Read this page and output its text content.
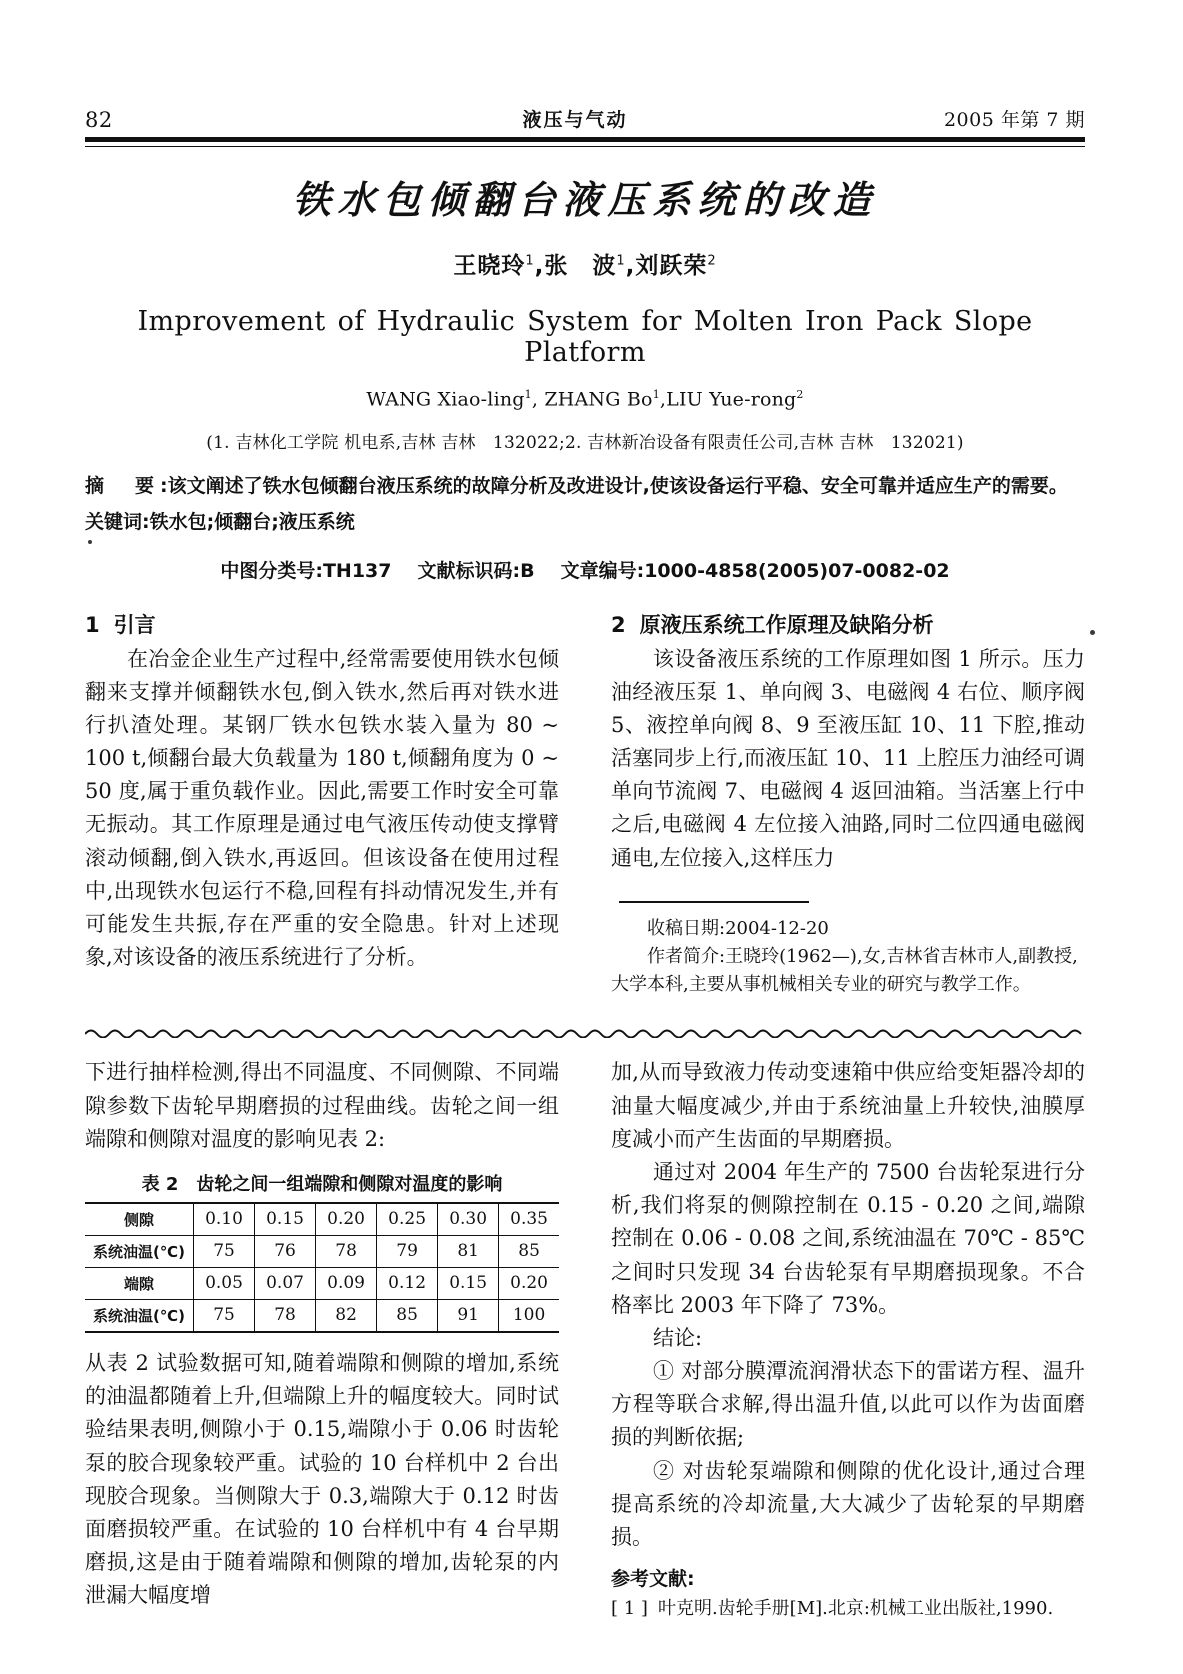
82	液压与气动	2005 年第 7 期
铁水包倾翻台液压系统的改造
王晓玲$^1$,张　波$^1$,刘跃荣$^2$
Improvement of Hydraulic System for Molten Iron Pack Slope Platform
WANG Xiao-ling$^1$, ZHANG Bo$^1$,LIU Yue-rong$^2$
(1. 吉林化工学院 机电系,吉林 吉林　132022;2. 吉林新冶设备有限责任公司,吉林 吉林　132021)
摘　要:该文阐述了铁水包倾翻台液压系统的故障分析及改进设计,使该设备运行平稳、安全可靠并适应生产的需要。
关键词:铁水包;倾翻台;液压系统
中图分类号:TH137 文献标识码:B 文章编号:1000-4858(2005)07-0082-02
1 引言

在冶金企业生产过程中,经常需要使用铁水包倾翻来支撑并倾翻铁水包,倒入铁水,然后再对铁水进行扒渣处理。某钢厂铁水包铁水装入量为 80 ~ 100 t,倾翻台最大负载量为 180 t,倾翻角度为 0 ~ 50 度,属于重负载作业。因此,需要工作时安全可靠无振动。其工作原理是通过电气液压传动使支撑臂滚动倾翻,倒入铁水,再返回。但该设备在使用过程中,出现铁水包运行不稳,回程有抖动情况发生,并有可能发生共振,存在严重的安全隐患。针对上述现象,对该设备的液压系统进行了分析。

2 原液压系统工作原理及缺陷分析

该设备液压系统的工作原理如图 1 所示。压力油经液压泵 1、单向阀 3、电磁阀 4 右位、顺序阀 5、液控单向阀 8、9 至液压缸 10、11 下腔,推动活塞同步上行,而液压缸 10、11 上腔压力油经可调单向节流阀 7、电磁阀 4 返回油箱。当活塞上行中之后,电磁阀 4 左位接入油路,同时二位四通电磁阀通电,左位接入,这样压力

收稿日期:2004-12-20
作者简介:王晓玲(1962—),女,吉林省吉林市人,副教授,
大学本科,主要从事机械相关专业的研究与教学工作。

下进行抽样检测,得出不同温度、不同侧隙、不同端隙参数下齿轮早期磨损的过程曲线。齿轮之间一组端隙和侧隙对温度的影响见表 2:

表 2 齿轮之间一组端隙和侧隙对温度的影响
侧隙	0.10	0.15	0.20	0.25	0.30	0.35
系统油温(℃)	75	76	78	79	81	85
端隙	0.05	0.07	0.09	0.12	0.15	0.20
系统油温(℃)	75	78	82	85	91	100

从表 2 试验数据可知,随着端隙和侧隙的增加,系统的油温都随着上升,但端隙上升的幅度较大。同时试验结果表明,侧隙小于 0.15,端隙小于 0.06 时齿轮泵的胶合现象较严重。试验的 10 台样机中 2 台出现胶合现象。当侧隙大于 0.3,端隙大于 0.12 时齿面磨损较严重。在试验的 10 台样机中有 4 台早期磨损,这是由于随着端隙和侧隙的增加,齿轮泵的内泄漏大幅度增

加,从而导致液力传动变速箱中供应给变矩器冷却的油量大幅度减少,并由于系统油量上升较快,油膜厚度减小而产生齿面的早期磨损。

通过对 2004 年生产的 7500 台齿轮泵进行分析,我们将泵的侧隙控制在 0.15 - 0.20 之间,端隙控制在 0.06 - 0.08 之间,系统油温在 70℃ - 85℃之间时只发现 34 台齿轮泵有早期磨损现象。不合格率比 2003 年下降了 73%。

结论:

① 对部分膜潭流润滑状态下的雷诺方程、温升方程等联合求解,得出温升值,以此可以作为齿面磨损的判断依据;

② 对齿轮泵端隙和侧隙的优化设计,通过合理提高系统的冷却流量,大大减少了齿轮泵的早期磨损。

参考文献:
[ 1 ] 叶克明.齿轮手册[M].北京:机械工业出版社,1990.
